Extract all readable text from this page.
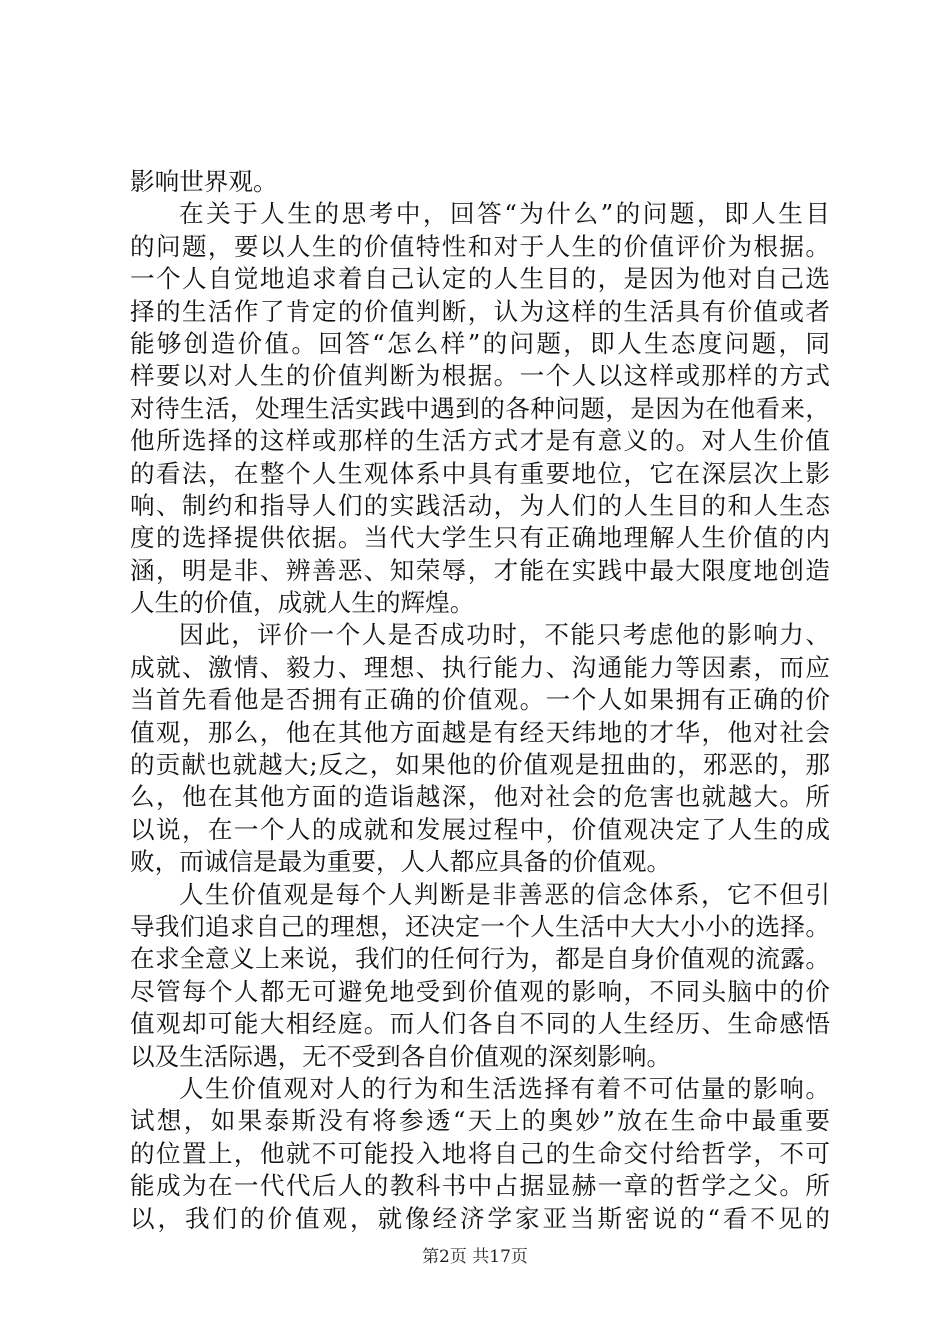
影响世界观。
在关于人生的思考中，回答“为什么”的问题，即人生目
的问题，要以人生的价值特性和对于人生的价值评价为根据。
一个人自觉地追求着自己认定的人生目的，是因为他对自己选
择的生活作了肯定的价值判断，认为这样的生活具有价值或者
能够创造价值。回答“怎么样”的问题，即人生态度问题，同
样要以对人生的价值判断为根据。一个人以这样或那样的方式
对待生活，处理生活实践中遇到的各种问题，是因为在他看来，
他所选择的这样或那样的生活方式才是有意义的。对人生价值
的看法，在整个人生观体系中具有重要地位，它在深层次上影
响、制约和指导人们的实践活动，为人们的人生目的和人生态
度的选择提供依据。当代大学生只有正确地理解人生价值的内
涵，明是非、辨善恶、知荣辱，才能在实践中最大限度地创造
人生的价值，成就人生的辉煌。
因此，评价一个人是否成功时，不能只考虑他的影响力、
成就、激情、毅力、理想、执行能力、沟通能力等因素，而应
当首先看他是否拥有正确的价值观。一个人如果拥有正确的价
值观，那么，他在其他方面越是有经天纬地的才华，他对社会
的贡献也就越大;反之，如果他的价值观是扭曲的，邪恶的，那
么，他在其他方面的造诣越深，他对社会的危害也就越大。所
以说，在一个人的成就和发展过程中，价值观决定了人生的成
败，而诚信是最为重要，人人都应具备的价值观。
人生价值观是每个人判断是非善恶的信念体系，它不但引
导我们追求自己的理想，还决定一个人生活中大大小小的选择。
在求全意义上来说，我们的任何行为，都是自身价值观的流露。
尽管每个人都无可避免地受到价值观的影响，不同头脑中的价
值观却可能大相经庭。而人们各自不同的人生经历、生命感悟
以及生活际遇，无不受到各自价值观的深刻影响。
人生价值观对人的行为和生活选择有着不可估量的影响。
试想，如果泰斯没有将参透“天上的奥妙”放在生命中最重要
的位置上，他就不可能投入地将自己的生命交付给哲学，不可
能成为在一代代后人的教科书中占据显赫一章的哲学之父。所
以，我们的价值观，就像经济学家亚当斯密说的“看不见的
第2页 共17页
